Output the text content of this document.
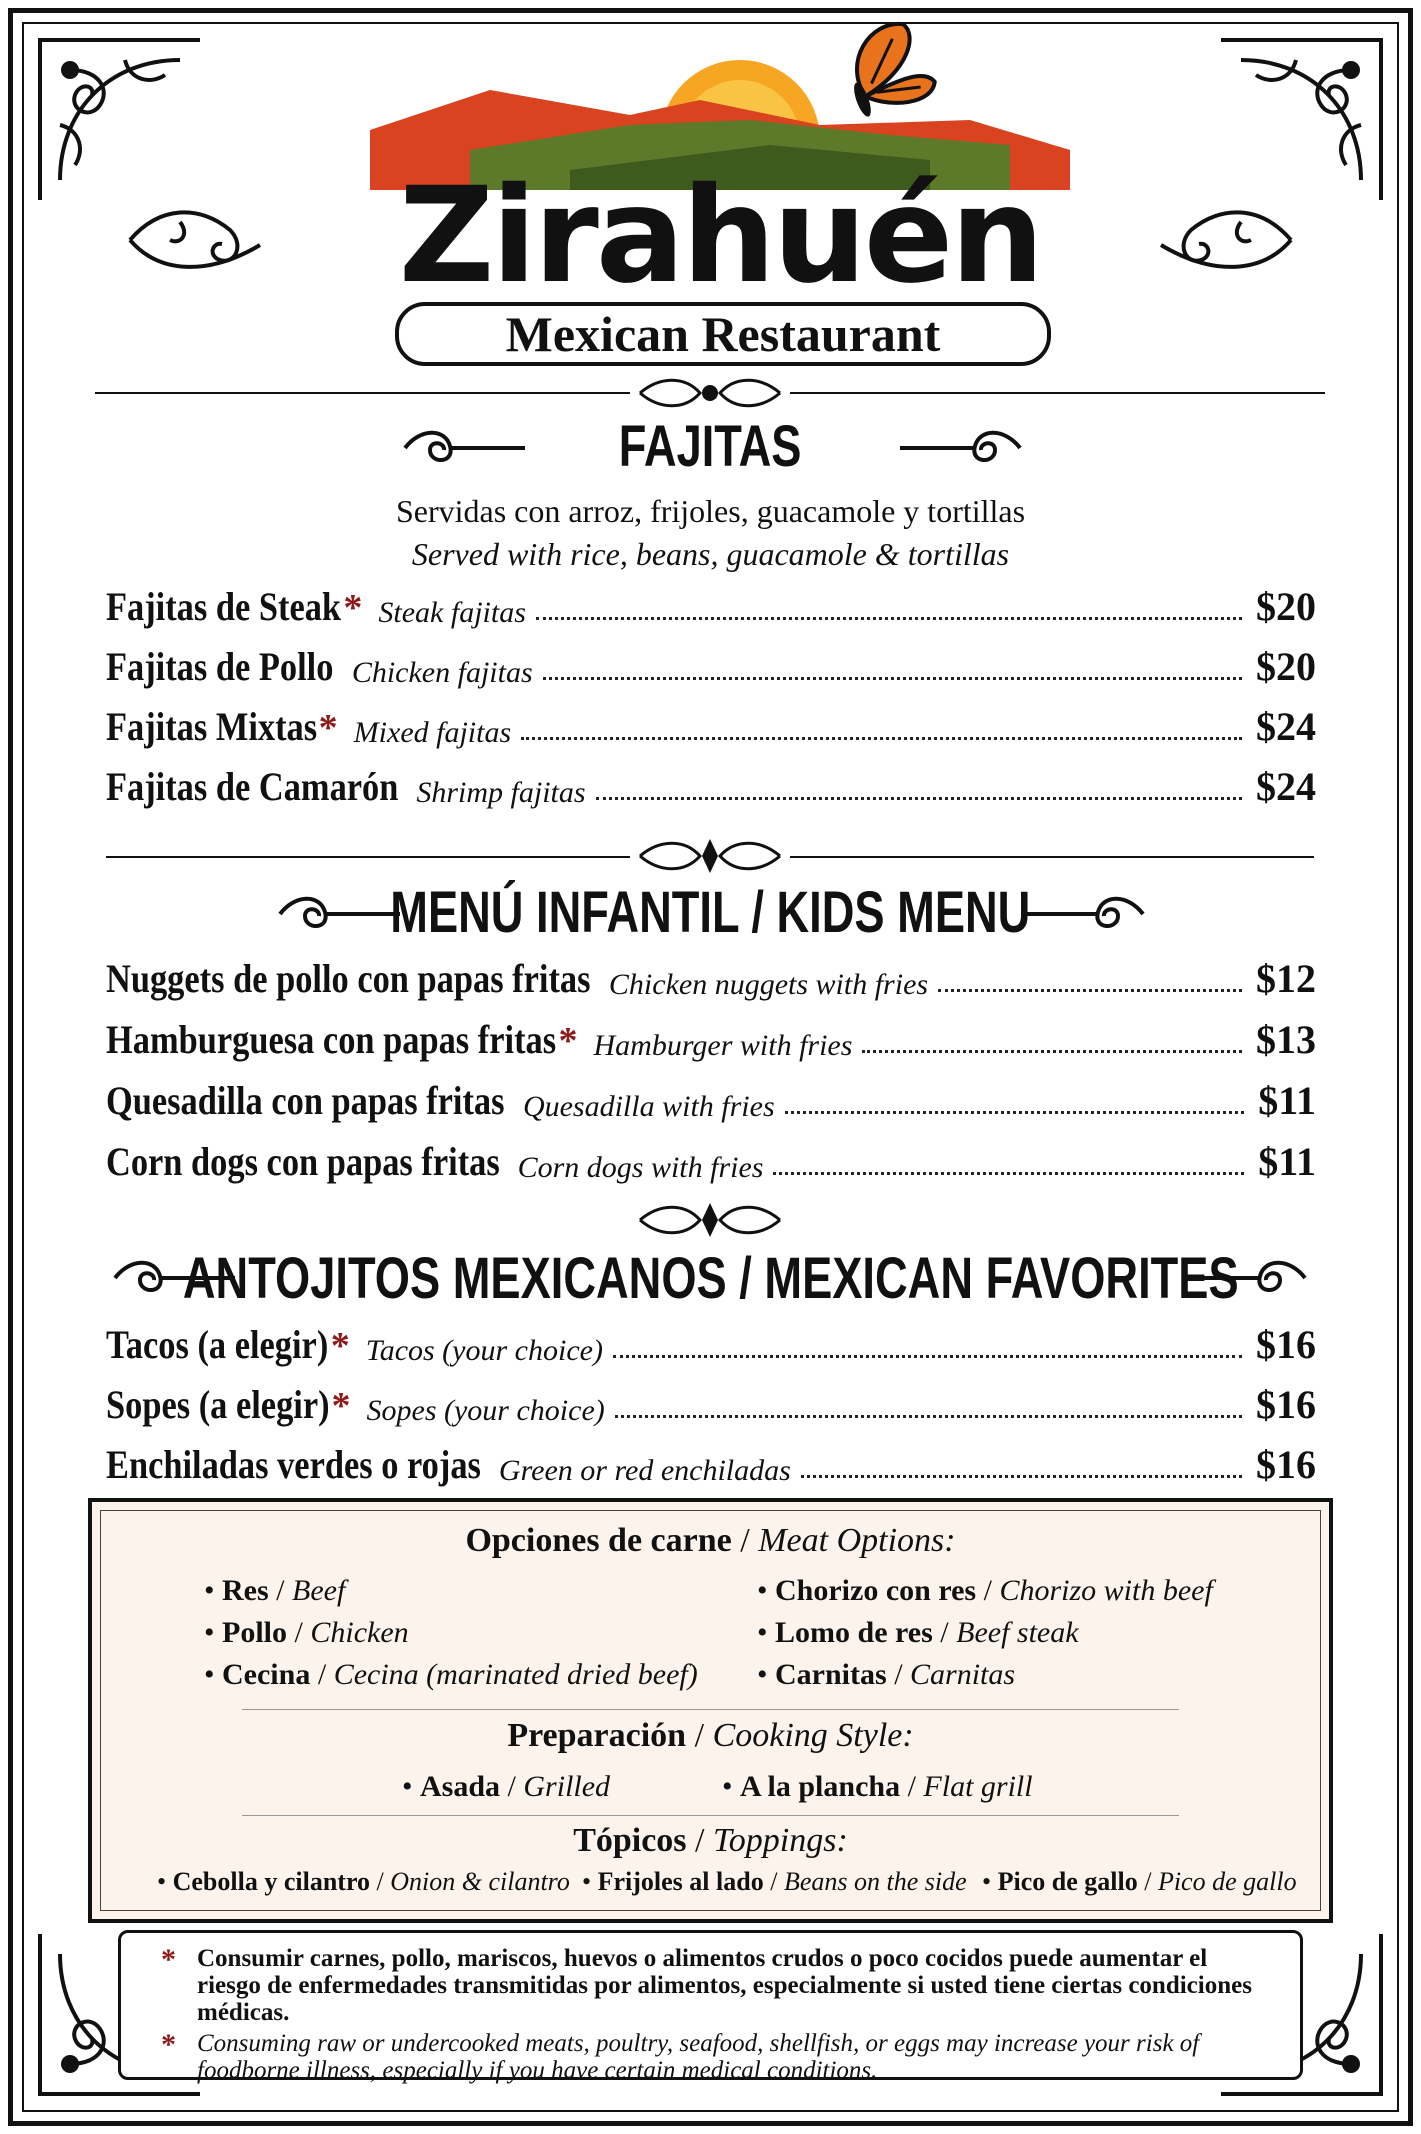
Zirahuén
Mexican Restaurant
FAJITAS
Servidas con arroz, frijoles, guacamole y tortillas
Served with rice, beans, guacamole & tortillas
Fajitas de Steak * Steak fajitas	$20
Fajitas de Pollo Chicken fajitas	$20
Fajitas Mixtas * Mixed fajitas	$24
Fajitas de Camarón Shrimp fajitas	$24
MENÚ INFANTIL / KIDS MENU
Nuggets de pollo con papas fritas Chicken nuggets with fries	$12
Hamburguesa con papas fritas * Hamburger with fries	$13
Quesadilla con papas fritas Quesadilla with fries	$11
Corn dogs con papas fritas Corn dogs with fries	$11
ANTOJITOS MEXICANOS / MEXICAN FAVORITES
Tacos (a elegir) * Tacos (your choice)	$16
Sopes (a elegir) * Sopes (your choice)	$16
Enchiladas verdes o rojas Green or red enchiladas	$16
Opciones de carne / Meat Options:
Preparación / Cooking Style:
Tópicos / Toppings:
• Res / Beef
• Pollo / Chicken
• Cecina / Cecina (marinated dried beef)
• Chorizo con res / Chorizo with beef
• Lomo de res / Beef steak
• Carnitas / Carnitas
• Asada / Grilled	• A la plancha / Flat grill
• Cebolla y cilantro / Onion & cilantro • Frijoles al lado / Beans on the side • Pico de gallo / Pico de gallo
* Consumir carnes, pollo, mariscos, huevos o alimentos crudos o poco cocidos puede aumentar el riesgo de enfermedades transmitidas por alimentos, especialmente si usted tiene ciertas condiciones médicas.

* Consuming raw or undercooked meats, poultry, seafood, shellfish, or eggs may increase your risk of foodborne illness, especially if you have certain medical conditions.
